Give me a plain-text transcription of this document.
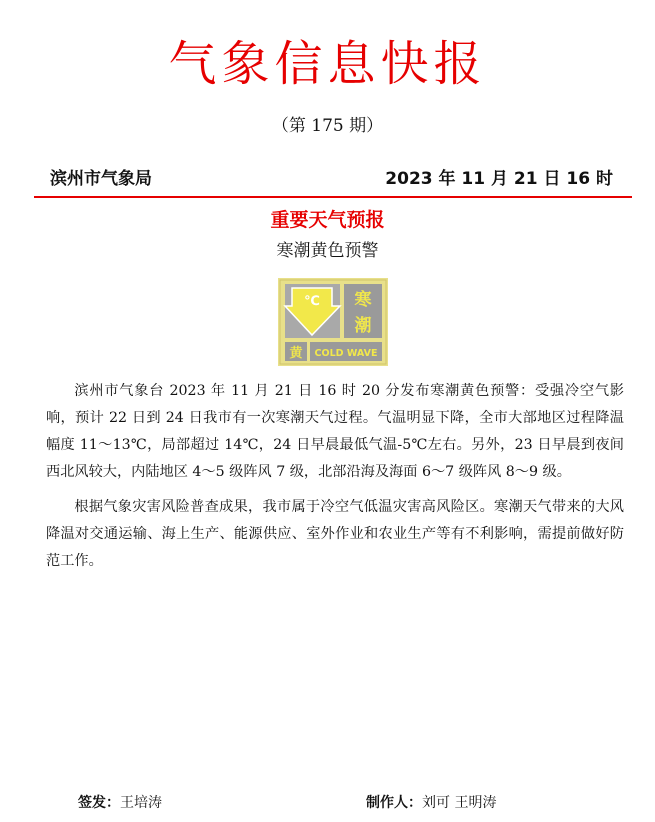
气象信息快报
（第 175 期）
滨州市气象局	2023 年 11 月 21 日 16 时
重要天气预报
寒潮黄色预警
℃ 寒
潮
黄 COLD WAVE

滨州市气象台 2023 年 11 月 21 日 16 时 20 分发布寒潮黄色预警：受强冷空气影响，预计 22 日到 24 日我市有一次寒潮天气过程。气温明显下降，全市大部地区过程降温幅度 11～13℃，局部超过 14℃，24 日早晨最低气温-5℃左右。另外，23 日早晨到夜间西北风较大，内陆地区 4～5 级阵风 7 级，北部沿海及海面 6～7 级阵风 8～9 级。

根据气象灾害风险普查成果，我市属于冷空气低温灾害高风险区。寒潮天气带来的大风降温对交通运输、海上生产、能源供应、室外作业和农业生产等有不利影响，需提前做好防范工作。

签发：王培涛	制作人：刘可 王明涛
